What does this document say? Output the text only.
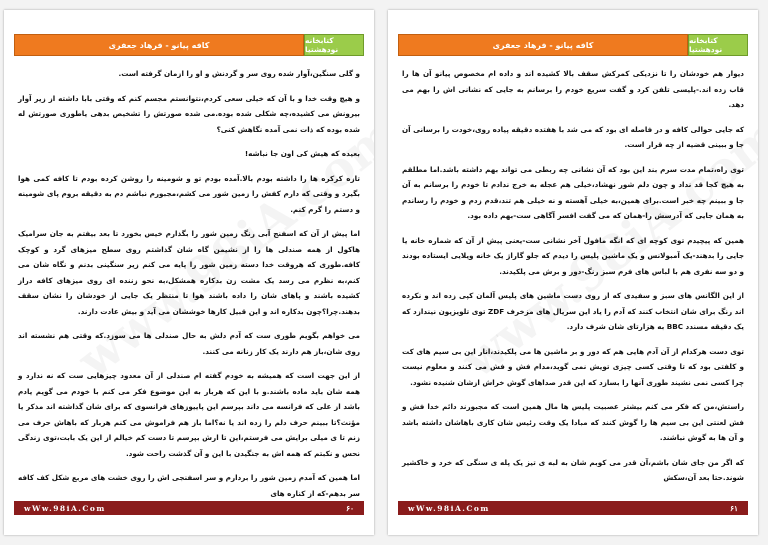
کافه پیانو - فرهاد جعفری	کتابخانه نودهشتیا

و گلی سنگین،آوار شده روی سر و گردنش و او را ازمان گرفته است.

و هیچ وقت خدا و با آن که خیلی سعی کردم،نتوانستم مجسم کنم که وقتی بابا داشته از زیر آوار بیرونش می کشیده،چه شکلی شده بوده.می شده صورتش را تشخیص بدهی یاطوری صورتش له شده بوده که ذات نمی آمده نگاهش کنی؟

بعیده که هیش کی اون جا نباشه!

تازه کرکره ها را داشته بودم بالا.آمده بودم تو و شومینه را روشن کرده بودم تا کافه کمی هوا بگیرد و وقتی که دارم کفش را زمین شور می کشم،مجبورم نباشم دم به دقیقه بروم پای شومینه و دستم را گرم کنم.

اما پیش از آن که اسفنج آبی رنگ زمین شور را بگذارم خیس بخورد تا بعد بیفتم به جان سرامیک هاکول از همه صندلی ها را از نشیمن گاه شان گذاشتم روی سطح میزهای گرد و کوچک کافه.طوری که هروقت خدا دسته زمین شور را پایه می کنم زیر سنگینی بدنم و نگاه شان می کنم،به نظرم می رسد یک مشت زن بدکاره همشکل،به نحو زننده ای روی میزهای کافه دراز کشیده باشند و پاهای شان را داده باشند هوا تا منتظر یک جایی از خودشان را نشان سقف بدهند.چرا؟چون بدکاره اند و این قبیل کارها خوششان می آید و بیش عادت دارند.

می خواهم بگویم طوری ست که آدم دلش به حال صندلی ها می سوزد.که وقتی هم نشسته اند روی شان،باز هم دارند یک کار زنانه می کنند.

از این جهت است که همیشه به خودم گفته ام صندلی از آن معدود چیزهایی ست که نه ندارد و همه شان باید ماده باشند.و با این که هربار به این موضوع فکر می کنم با خودم می گویم یادم باشد از علی که فرانسه می داند بپرسم این پاییوزهای فرانسوی که برای شان گذاشته اند مذکر یا مؤنث؟تا ببینم حرف دلم را زده اند یا نه؟اما باز هم فراموش می کنم هربار که باهاش حرف می زنم تا ی میلی برایش می فرستم،این تا ارش بپرسم تا دست کم خیالم از این یک بابت،توی زندگی نحس و نکبتم که همه اش به جنگیدن با این و آن گذشت راحت شود.

اما همین که آمدم زمین شور را بردارم و سر اسفنجی اش را روی خشت های مربع شکل کف کافه سر بدهم-که از کناره های

wWw.98iA.Com	۶۰
کافه پیانو - فرهاد جعفری	کتابخانه نودهشتیا

دیوار هم خودشان را تا نزدیکی کمرکش سقف بالا کشیده اند و داده ام مخصوص پیانو آن ها را قاب زده اند.-پلیسی تلفن کرد و گفت سریع خودم را برسانم به جایی که نشانی اش را بهم می دهد.

که جایی حوالی کافه و در فاصله ای بود که می شد با هفتده دقیقه پیاده روی،خودت را برسانی آن جا و ببینی قضیه از چه قرار است.

توی راه،تمام مدت سرم بند این بود که آن نشانی چه ربطی می تواند بهم داشته باشد.اما مطلقم به هیچ کجا قد نداد و چون دلم شور نهشاد،خیلی هم عجله به خرج ندادم تا خودم را برسانم به آن جا و ببینم چه خبر است.برای همین،به خیلی آهسته و نه خیلی هم تند،قدم زدم و خودم را رساندم به همان جایی که آدرسش را-همان که می گفت افسر آگاهی ست-بهم داده بود.

همین که پیچیدم توی کوچه ای که انگه مافول آخر نشانی ست-یعنی پیش از آن که شماره خانه یا جایی را بدهند-یک آمبولانس و یک ماشین پلیس را دیدم که جلو گاراژ یک خانه ویلایی ایستاده بودند و دو سه نفری هم با لباس های فرم سبز رنگ-دور و برش می پلکیدند.

از این الگانس های سبز و سفیدی که از روی دست ماشین های پلیس آلمان کپی زده اند و نکرده اند رنگ برای شان انتخاب کنند که آدم را یاد این سریال های مزخرف ZDF توی تلویزیون نیندازد که یک دقیقه مسندد BBC به هزارتای شان شرف دارد.

توی دست هرکدام از آن آدم هایی هم که دور و بر ماشین ها می پلکیدند،انار این بی سیم های کت و کلفتی بود که تا وقتی کسی چیزی تویش نمی گوید،مدام فش و فش می کنند و معلوم نیست چرا کسی نمی نشیند طوری آنها را بسازد که این قدر صداهای گوش خراش ازشان شنیده نشود.

راستش،من که فکر می کنم بیشتر عصبیت پلیس ها مال همین است که مجبورند دائم خدا فش و فش لعنتی این بی سیم ها را گوش کنند که مبادا یک وقت رئیس شان کاری باهاشان داشته باشد و آن ها به گوش نباشند.

که اگر من جای شان باشم،آن قدر می کوبم شان به لبه ی تیز یک پله ی سنگی که خرد و خاکشیر شوند.حتا بعد آن،سکش

wWw.98iA.Com	۶۱
